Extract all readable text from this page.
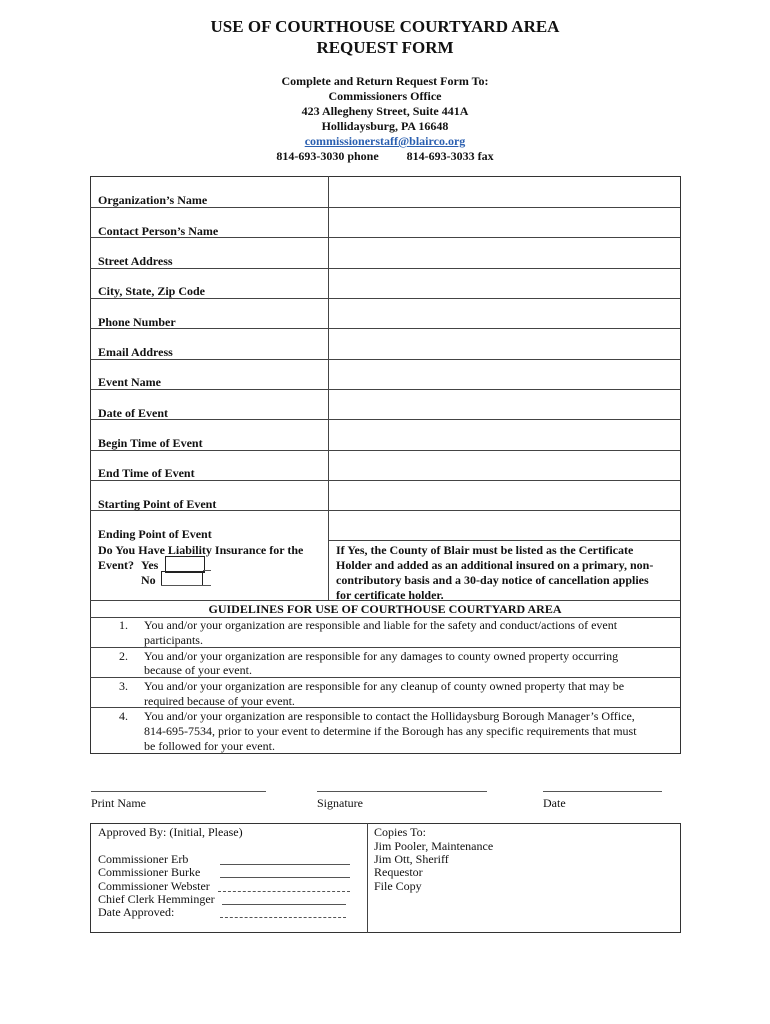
USE OF COURTHOUSE COURTYARD AREA
REQUEST FORM
Complete and Return Request Form To:
Commissioners Office
423 Allegheny Street, Suite 441A
Hollidaysburg, PA 16648
commissionerstaff@blairco.org
814-693-3030 phone 814-693-3033 fax
Organization’s Name
Contact Person’s Name
Street Address
City, State, Zip Code
Phone Number
Email Address
Event Name
Date of Event
Begin Time of Event
End Time of Event
Starting Point of Event
Ending Point of Event
Do You Have Liability Insurance for the
Event? Yes
No
If Yes, the County of Blair must be listed as the Certificate
Holder and added as an additional insured on a primary, non-
contributory basis and a 30-day notice of cancellation applies
for certificate holder.
GUIDELINES FOR USE OF COURTHOUSE COURTYARD AREA
1. You and/or your organization are responsible and liable for the safety and conduct/actions of event
participants.
2. You and/or your organization are responsible for any damages to county owned property occurring
because of your event.
3. You and/or your organization are responsible for any cleanup of county owned property that may be
required because of your event.
4. You and/or your organization are responsible to contact the Hollidaysburg Borough Manager’s Office,
814-695-7534, prior to your event to determine if the Borough has any specific requirements that must
be followed for your event.
Print Name	Signature	Date
Approved By: (Initial, Please)
Commissioner Erb
Commissioner Burke
Commissioner Webster
Chief Clerk Hemminger
Date Approved:
Copies To:
Jim Pooler, Maintenance
Jim Ott, Sheriff
Requestor
File Copy
